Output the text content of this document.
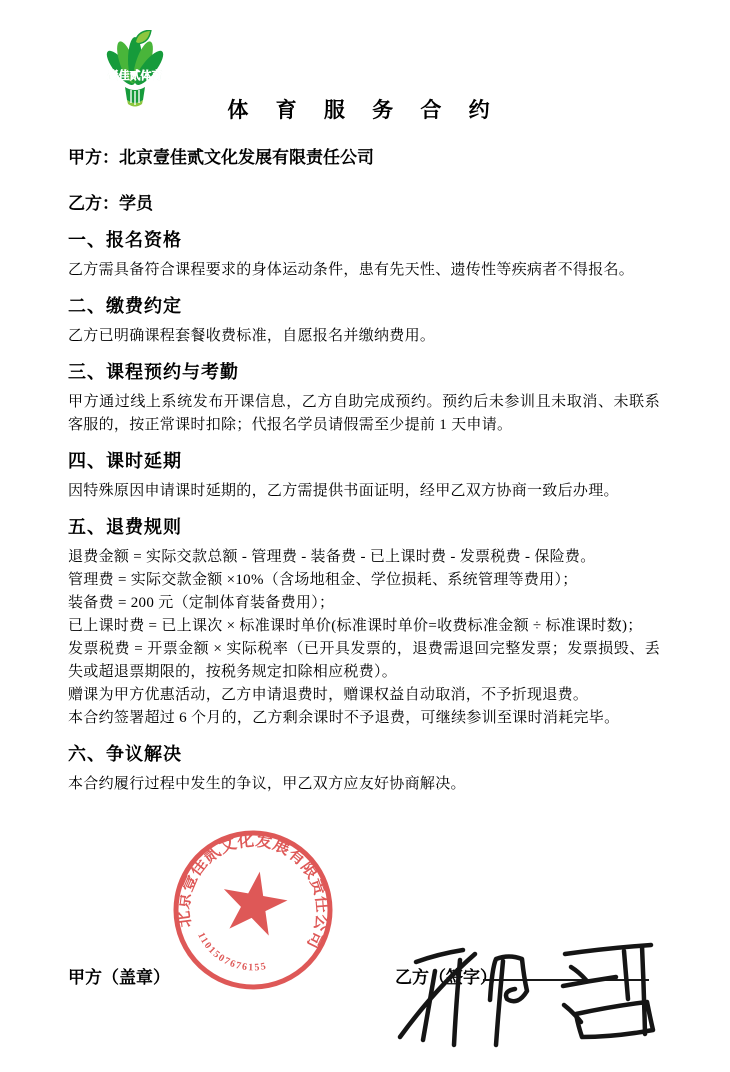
壹佳贰体育
体 育 服 务 合 约

甲方：北京壹佳贰文化发展有限责任公司

乙方：学员

一、报名资格

乙方需具备符合课程要求的身体运动条件，患有先天性、遗传性等疾病者不得报名。

二、缴费约定

乙方已明确课程套餐收费标准，自愿报名并缴纳费用。

三、课程预约与考勤

甲方通过线上系统发布开课信息，乙方自助完成预约。预约后未参训且未取消、未联系客服的，按正常课时扣除；代报名学员请假需至少提前 1 天申请。

四、课时延期

因特殊原因申请课时延期的，乙方需提供书面证明，经甲乙双方协商一致后办理。

五、退费规则

退费金额 = 实际交款总额 - 管理费 - 装备费 - 已上课时费 - 发票税费 - 保险费。

管理费 = 实际交款金额 ×10%（含场地租金、学位损耗、系统管理等费用）；

装备费 = 200 元（定制体育装备费用）；

已上课时费 = 已上课次 × 标准课时单价(标准课时单价=收费标准金额 ÷ 标准课时数)；

发票税费 = 开票金额 × 实际税率（已开具发票的，退费需退回完整发票；发票损毁、丢失或超退票期限的，按税务规定扣除相应税费）。

赠课为甲方优惠活动，乙方申请退费时，赠课权益自动取消，不予折现退费。

本合约签署超过 6 个月的，乙方剩余课时不予退费，可继续参训至课时消耗完毕。

六、争议解决

本合约履行过程中发生的争议，甲乙双方应友好协商解决。

北京壹佳贰文化发展有限责任公司
1101507676155
甲方（盖章）	乙方（签字）：
